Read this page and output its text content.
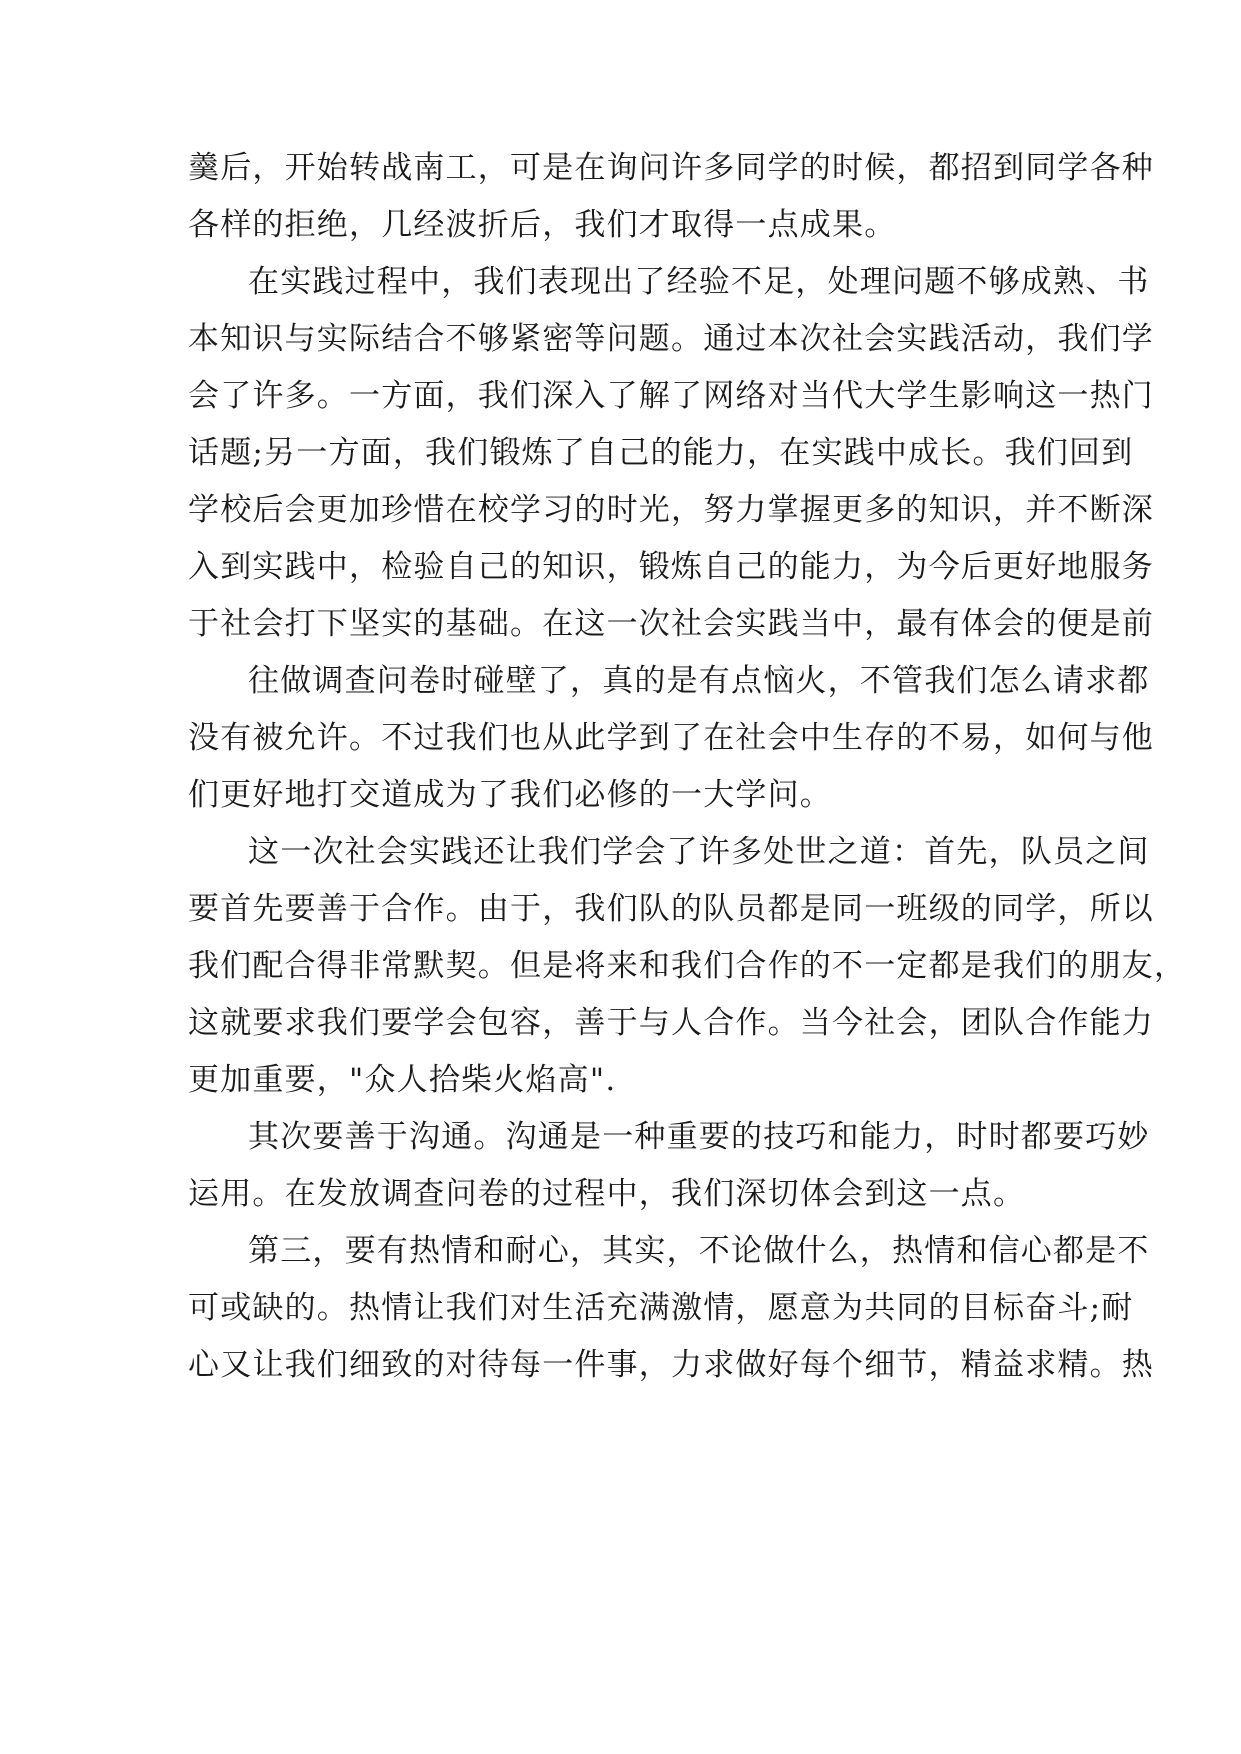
羹后，开始转战南工，可是在询问许多同学的时候，都招到同学各种
各样的拒绝，几经波折后，我们才取得一点成果。
在实践过程中，我们表现出了经验不足，处理问题不够成熟、书
本知识与实际结合不够紧密等问题。通过本次社会实践活动，我们学
会了许多。一方面，我们深入了解了网络对当代大学生影响这一热门
话题;另一方面，我们锻炼了自己的能力，在实践中成长。我们回到
学校后会更加珍惜在校学习的时光，努力掌握更多的知识，并不断深
入到实践中，检验自己的知识，锻炼自己的能力，为今后更好地服务
于社会打下坚实的基础。在这一次社会实践当中，最有体会的便是前
往做调查问卷时碰壁了，真的是有点恼火，不管我们怎么请求都
没有被允许。不过我们也从此学到了在社会中生存的不易，如何与他
们更好地打交道成为了我们必修的一大学问。
这一次社会实践还让我们学会了许多处世之道：首先，队员之间
要首先要善于合作。由于，我们队的队员都是同一班级的同学，所以
我们配合得非常默契。但是将来和我们合作的不一定都是我们的朋友，
这就要求我们要学会包容，善于与人合作。当今社会，团队合作能力
更加重要，"众人拾柴火焰高".
其次要善于沟通。沟通是一种重要的技巧和能力，时时都要巧妙
运用。在发放调查问卷的过程中，我们深切体会到这一点。
第三，要有热情和耐心，其实，不论做什么，热情和信心都是不
可或缺的。热情让我们对生活充满激情，愿意为共同的目标奋斗;耐
心又让我们细致的对待每一件事，力求做好每个细节，精益求精。热
